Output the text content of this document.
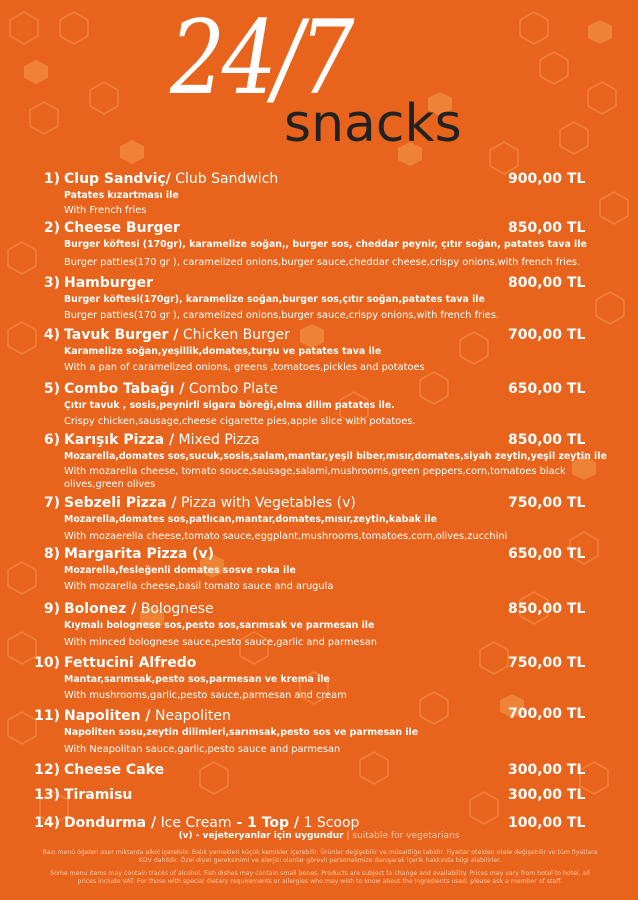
24/7
snacks
1) Clup Sandviç/ Club Sandwich	900,00 TL
Patates kızartması ile
With French fries
2) Cheese Burger	850,00 TL
Burger köftesi (170gr), karamelize soğan,, burger sos, cheddar peynir, çıtır soğan, patates tava ile
Burger patties(170 gr ), caramelized onions,burger sauce,cheddar cheese,crispy onions,with french fries.
3) Hamburger	800,00 TL
Burger köftesi(170gr), karamelize soğan,burger sos,çıtır soğan,patates tava ile
Burger patties(170 gr ), caramelized onions,burger sauce,crispy onions,with french fries.
4) Tavuk Burger / Chicken Burger	700,00 TL
Karamelize soğan,yeşillik,domates,turşu ve patates tava ile
With a pan of caramelized onions, greens ,tomatoes,pickles and potatoes
5) Combo Tabağı / Combo Plate	650,00 TL
Çıtır tavuk , sosis,peynirli sigara böreği,elma dilim patates ile.
Crispy chicken,sausage,cheese cigarette pies,apple slice with potatoes.
6) Karışık Pizza / Mixed Pizza	850,00 TL
Mozarella,domates sos,sucuk,sosis,salam,mantar,yeşil biber,mısır,domates,siyah zeytin,yeşil zeytin ile
With mozarella cheese, tomato souce,sausage,salami,mushrooms,green peppers,corn,tomatoes black olives,green olives
7) Sebzeli Pizza / Pizza with Vegetables (v)	750,00 TL
Mozarella,domates sos,patlıcan,mantar,domates,mısır,zeytin,kabak ile
With mozaerella cheese,tomato sauce,eggplant,mushrooms,tomatoes,corn,olives,zucchini
8) Margarita Pizza (v)	650,00 TL
Mozarella,fesleğenli domates sosve roka ile
With mozarella cheese,basil tomato sauce and arugula
9) Bolonez / Bolognese	850,00 TL
Kıymalı bolognese sos,pesto sos,sarımsak ve parmesan ile
With minced bolognese sauce,pesto sauce,garlic and parmesan
10) Fettucini Alfredo	750,00 TL
Mantar,sarımsak,pesto sos,parmesan ve krema ile
With mushrooms,garlic,pesto sauce,parmesan and cream
11) Napoliten / Neapoliten	700,00 TL
Napoliten sosu,zeytin dilimleri,sarımsak,pesto sos ve parmesan ile
With Neapolitan sauce,garlic,pesto sauce and parmesan
12) Cheese Cake	300,00 TL
13) Tiramisu	300,00 TL
14) Dondurma / Ice Cream - 1 Top / 1 Scoop	100,00 TL
(v) - vejeteryanlar için uygundur | suitable for vegetarians
Bazı menü öğeleri eser miktarda alkol içerebilir. Balık yemekleri küçük kemikler içerebilir. Ürünler değişebilir ve müsaitliğe tabidir. Fiyatlar otelden otele değişebilir ve tüm fiyatlara KDV dahildir. Özel diyet gereksinimi ve alerjisi olanlar görevli personelimize danışarak içerik hakkında bilgi alabilirler.
Some menu items may contain traces of alcohol. Fish dishes may contain small bones. Products are subject to change and availability. Prices may vary from hotel to hotel, all prices include VAT. For those with special dietary requirements or allergies who may wish to know about the ingredients used, please ask a member of staff.
